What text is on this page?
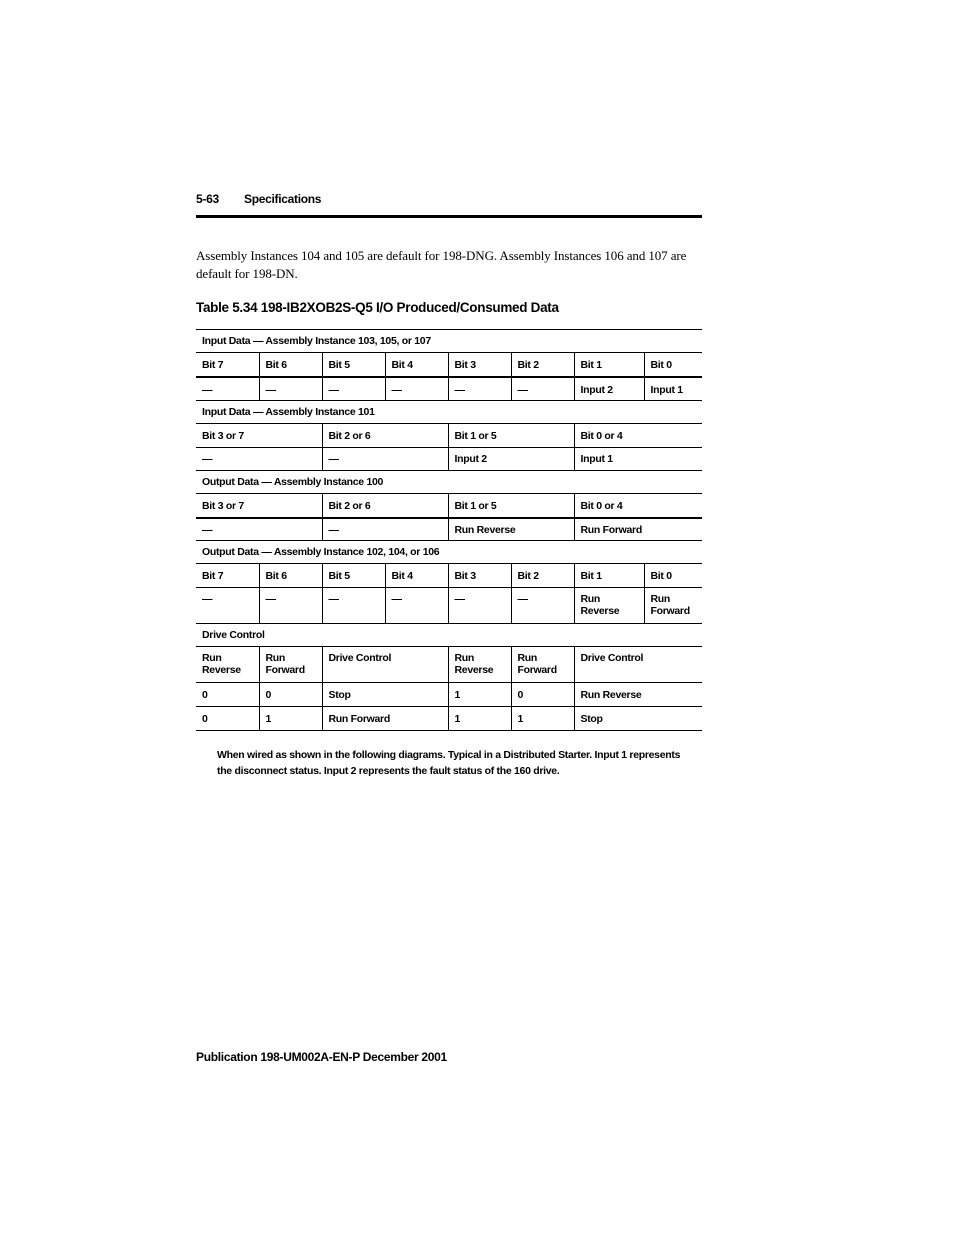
5-63 Specifications
Assembly Instances 104 and 105 are default for 198-DNG. Assembly Instances 106 and 107 are default for 198-DN.
Table 5.34 198-IB2XOB2S-Q5 I/O Produced/Consumed Data
Input Data — Assembly Instance 103, 105, or 107							
Bit 7	Bit 6	Bit 5	Bit 4	Bit 3	Bit 2	Bit 1	Bit 0
—	—	—	—	—	—	Input 2	Input 1
Input Data — Assembly Instance 101							
Bit 3 or 7		Bit 2 or 6		Bit 1 or 5		Bit 0 or 4	
—		—		Input 2		Input 1	
Output Data — Assembly Instance 100							
Bit 3 or 7		Bit 2 or 6		Bit 1 or 5		Bit 0 or 4	
—		—		Run Reverse		Run Forward	
Output Data — Assembly Instance 102, 104, or 106							
Bit 7	Bit 6	Bit 5	Bit 4	Bit 3	Bit 2	Bit 1	Bit 0
—	—	—	—	—	—	Run Reverse	Run Forward
Drive Control							
Run Reverse	Run Forward	Drive Control		Run Reverse	Run Forward	Drive Control	
0	0	Stop		1	0	Run Reverse	
0	1	Run Forward		1	1	Stop	
When wired as shown in the following diagrams. Typical in a Distributed Starter. Input 1 represents the disconnect status. Input 2 represents the fault status of the 160 drive.
Publication 198-UM002A-EN-P December 2001
